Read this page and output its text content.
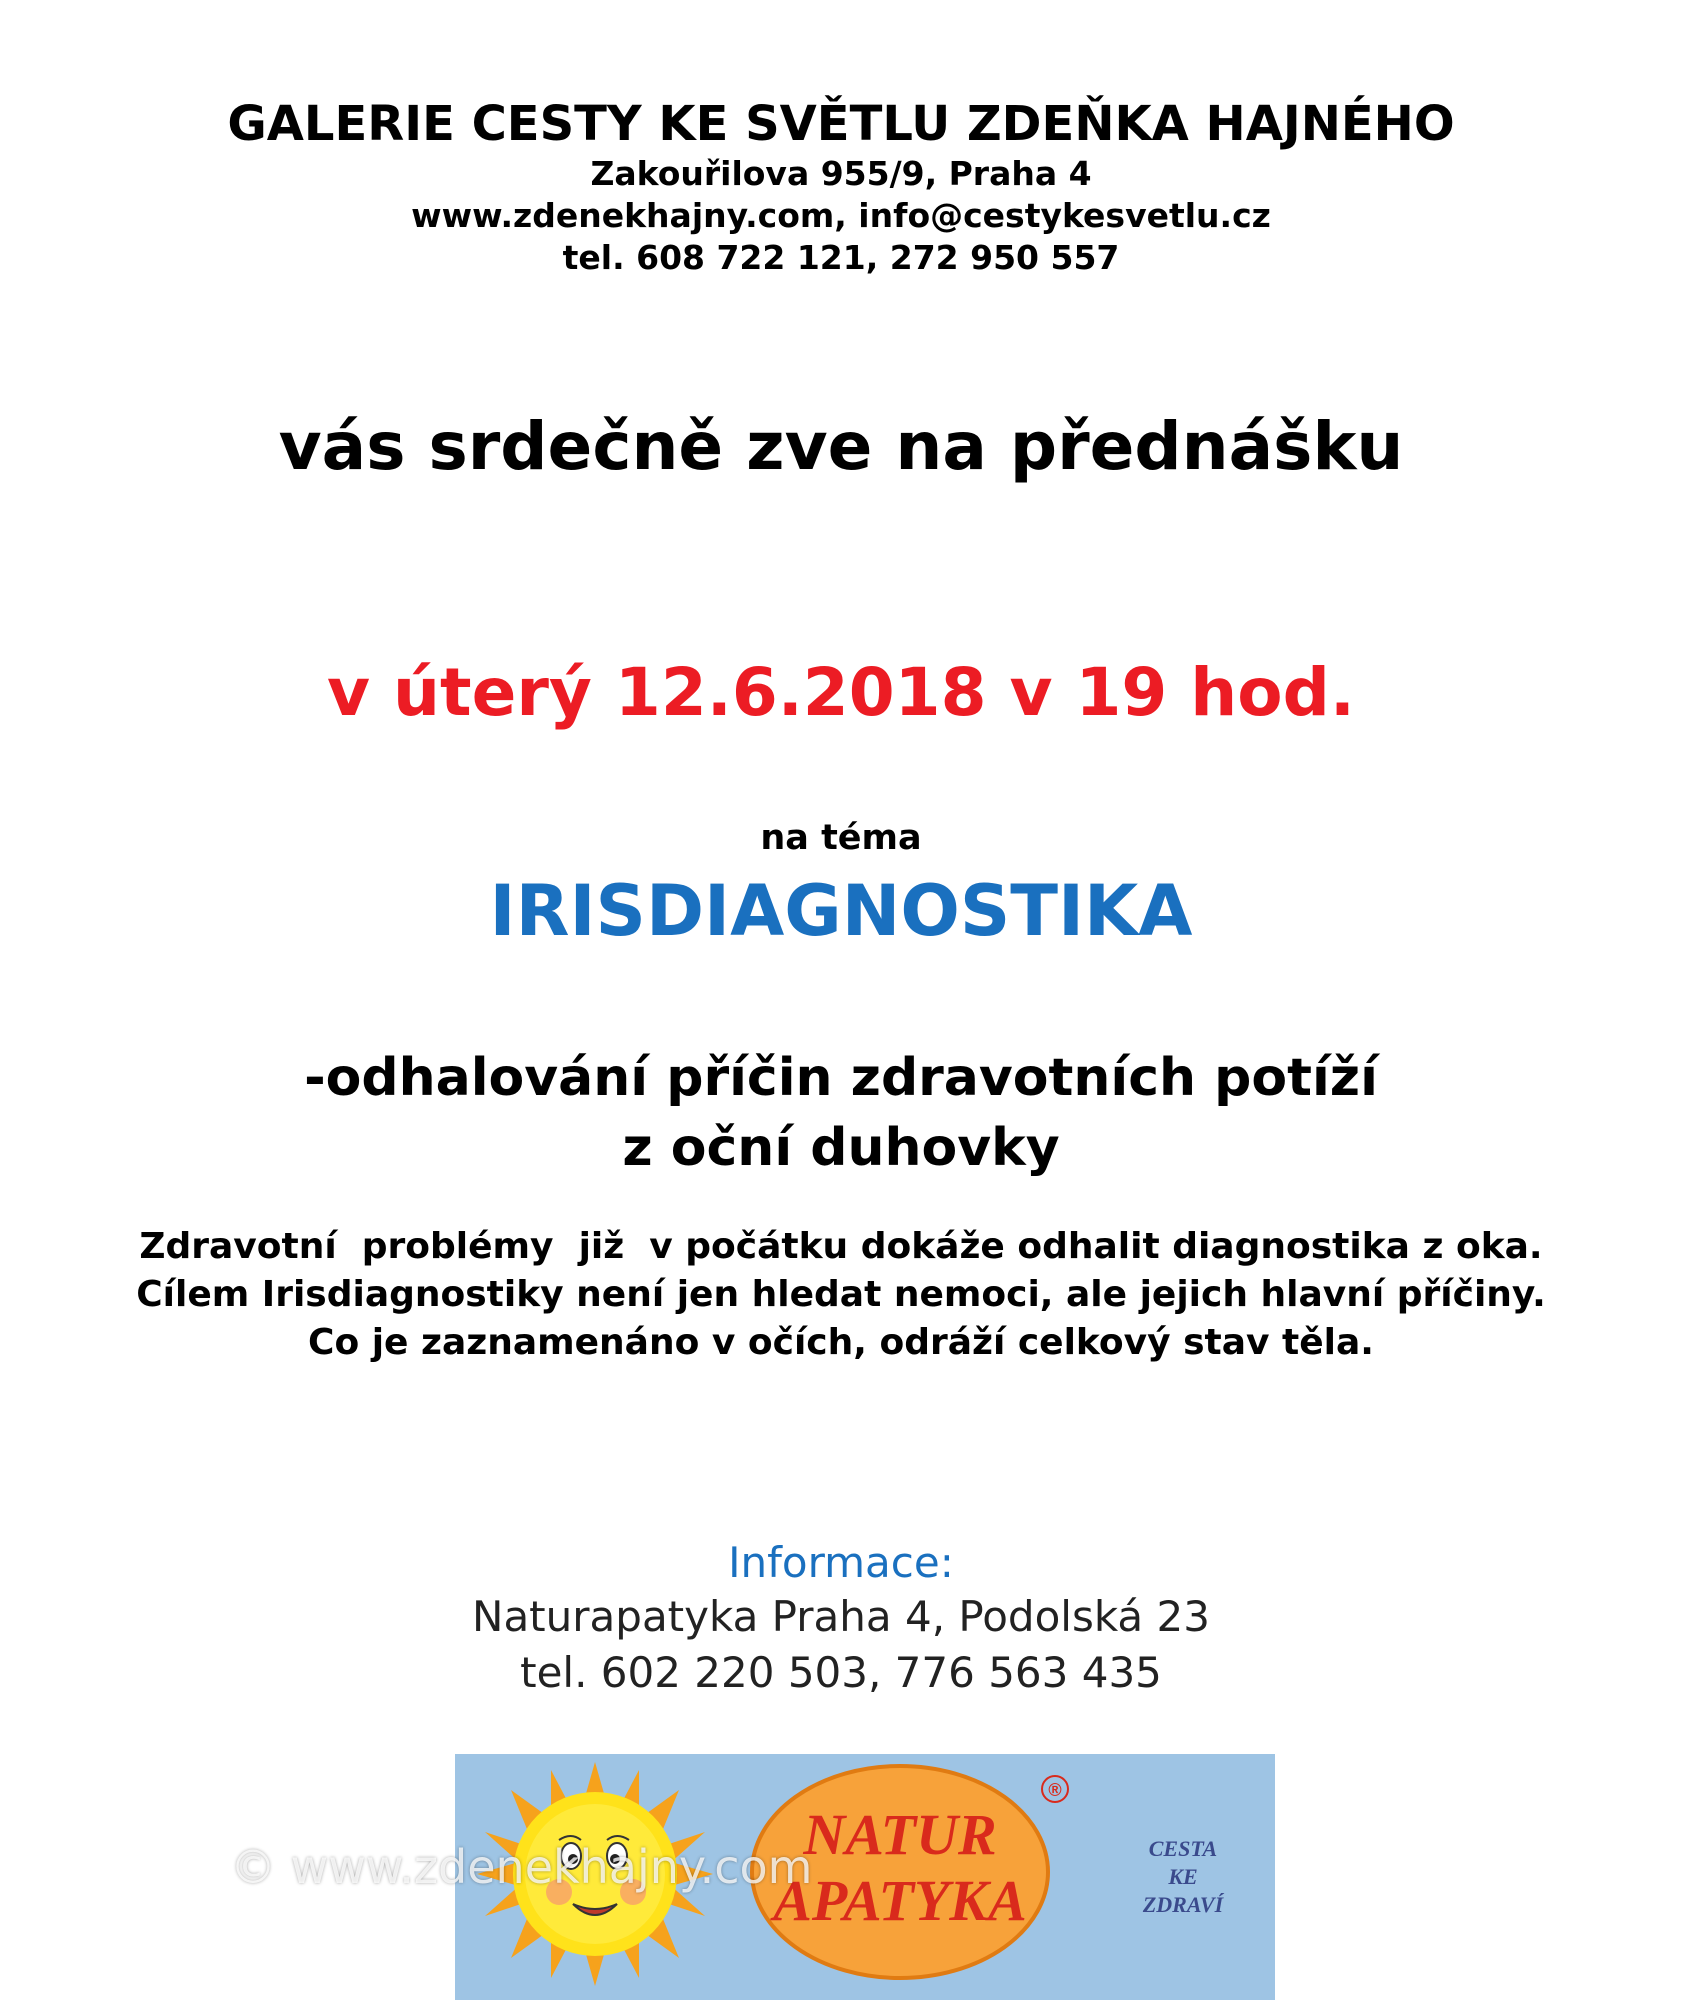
GALERIE CESTY KE SVĚTLU ZDEŇKA HAJNÉHO
Zakouřilova 955/9, Praha 4
www.zdenekhajny.com, info@cestykesvetlu.cz
tel. 608 722 121, 272 950 557
vás srdečně zve na přednášku
v úterý 12.6.2018 v 19 hod.
na téma
IRISDIAGNOSTIKA
-odhalování příčin zdravotních potíží
z oční duhovky
Zdravotní  problémy  již  v počátku dokáže odhalit diagnostika z oka.
Cílem Irisdiagnostiky není jen hledat nemoci, ale jejich hlavní příčiny.
Co je zaznamenáno v očích, odráží celkový stav těla.
Informace:
Naturapatyka Praha 4, Podolská 23
tel. 602 220 503, 776 563 435
NATUR
APATYKA
®
CESTA
KE
ZDRAVÍ
© www.zdenekhajny.com
